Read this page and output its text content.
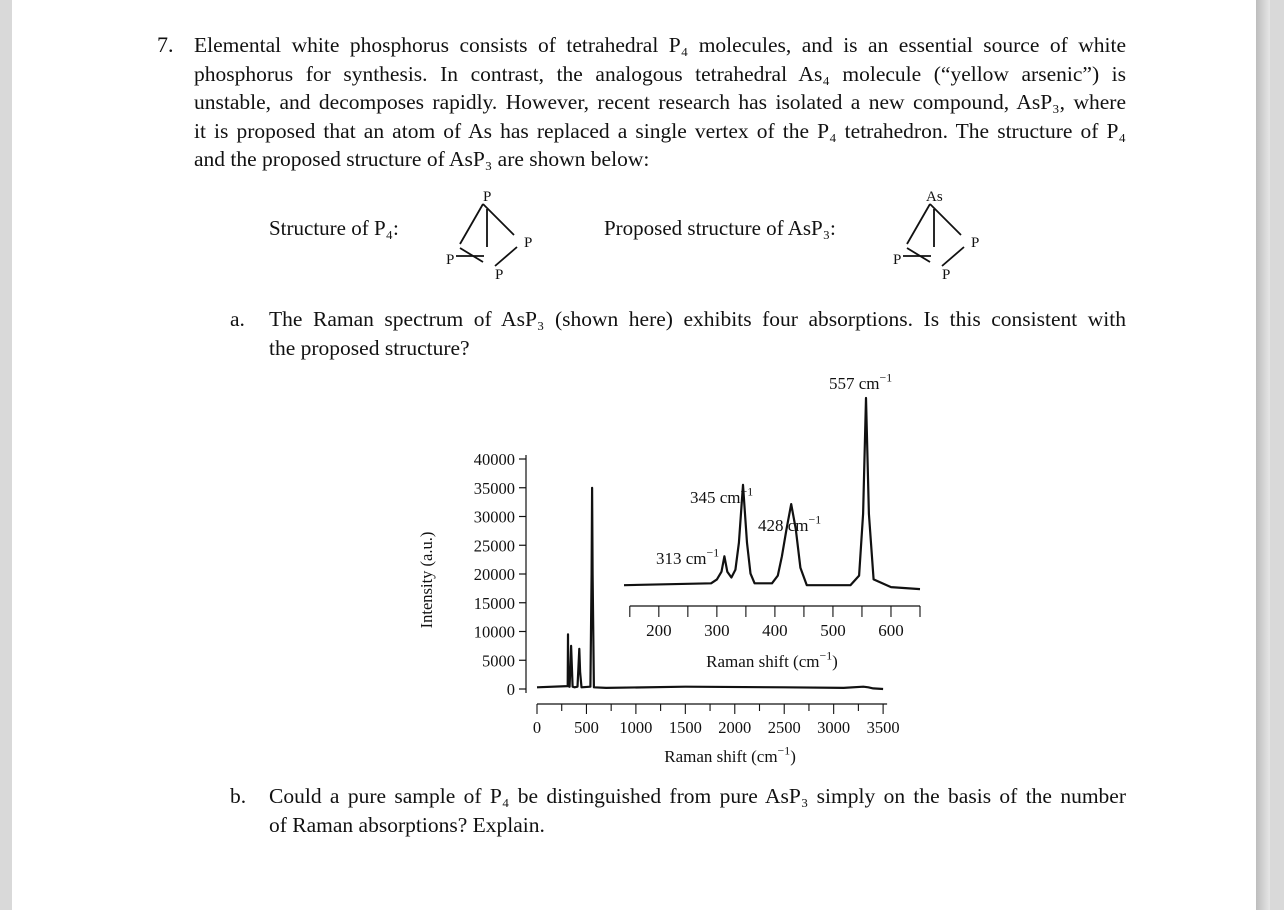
7. Elemental white phosphorus consists of tetrahedral P₄ molecules, and is an essential source of white
phosphorus for synthesis. In contrast, the analogous tetrahedral As₄ molecule (“yellow arsenic”) is
unstable, and decomposes rapidly. However, recent research has isolated a new compound, AsP₃, where
it is proposed that an atom of As has replaced a single vertex of the P₄ tetrahedron. The structure of P₄
and the proposed structure of AsP₃ are shown below:
Structure of P₄:	Proposed structure of AsP₃:
P
P
P
P
As
P
P
P
a. The Raman spectrum of AsP₃ (shown here) exhibits four absorptions. Is this consistent with
the proposed structure?
0
5000
10000
15000
20000
25000
30000
35000
40000
0 500 1000 1500 2000 2500 3000 3500
Raman shift $(cm^{-1})$
Intensity (a.u.)
200 300 400 500 600
Raman shift $(cm^{-1})$
313 $cm^{-1}$
345 $cm^{-1}$
428 $cm^{-1}$
557 $cm^{-1}$
b. Could a pure sample of P₄ be distinguished from pure AsP₃ simply on the basis of the number
of Raman absorptions? Explain.
